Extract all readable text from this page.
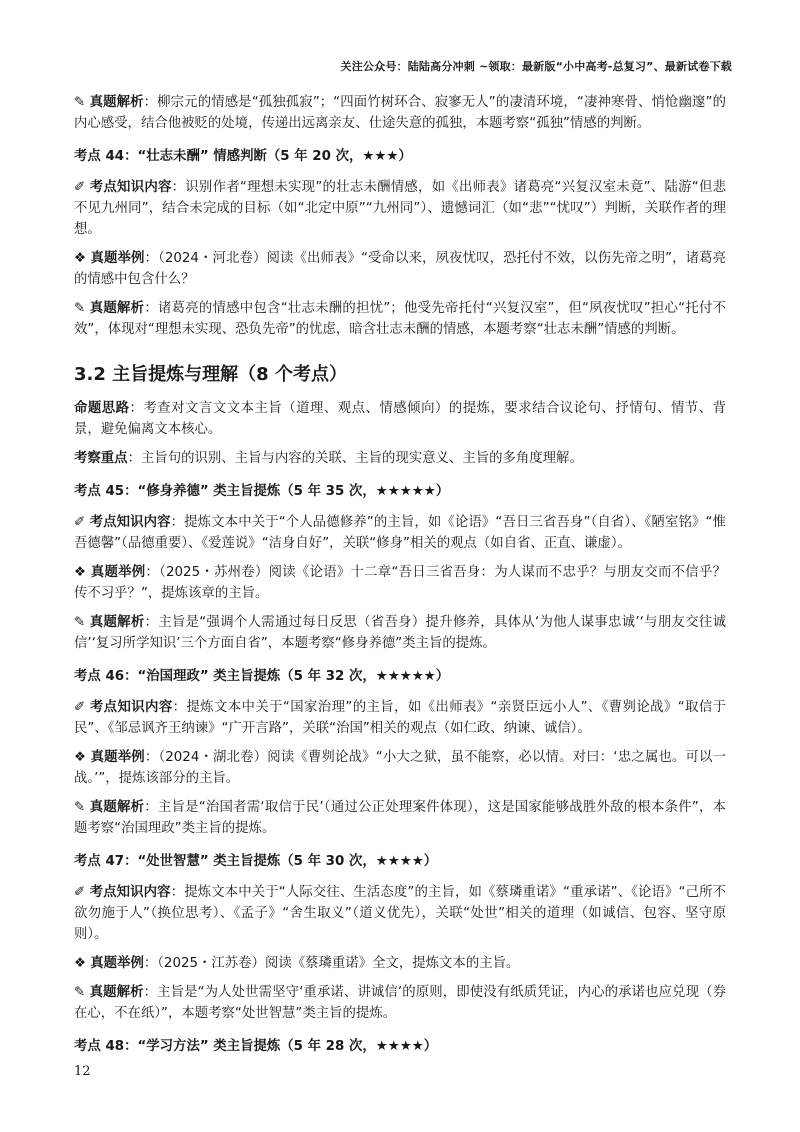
关注公众号：陆陆高分冲刺 ~领取：最新版“小中高考-总复习”、最新试卷下载
✎ 真题解析：柳宗元的情感是“孤独孤寂”；“四面竹树环合、寂寥无人”的凄清环境，“凄神寒骨、悄怆幽邃”的内心感受，结合他被贬的处境，传递出远离亲友、仕途失意的孤独，本题考察“孤独”情感的判断。
考点 44：“壮志未酬” 情感判断（5 年 20 次，★★★）
✐ 考点知识内容：识别作者“理想未实现”的壮志未酬情感，如《出师表》诸葛亮“兴复汉室未竟”、陆游“但悲不见九州同”，结合未完成的目标（如“北定中原”“九州同”）、遗憾词汇（如“悲”“忧叹”）判断，关联作者的理想。
❖ 真题举例：（2024・河北卷）阅读《出师表》“受命以来，夙夜忧叹，恐托付不效，以伤先帝之明”，诸葛亮的情感中包含什么？
✎ 真题解析：诸葛亮的情感中包含“壮志未酬的担忧”；他受先帝托付“兴复汉室”，但“夙夜忧叹”担心“托付不效”，体现对“理想未实现、恐负先帝”的忧虑，暗含壮志未酬的情感，本题考察“壮志未酬”情感的判断。
3.2 主旨提炼与理解（8 个考点）
命题思路：考查对文言文文本主旨（道理、观点、情感倾向）的提炼，要求结合议论句、抒情句、情节、背景，避免偏离文本核心。
考察重点：主旨句的识别、主旨与内容的关联、主旨的现实意义、主旨的多角度理解。
考点 45：“修身养德” 类主旨提炼（5 年 35 次，★★★★★）
✐ 考点知识内容：提炼文本中关于“个人品德修养”的主旨，如《论语》“吾日三省吾身”（自省）、《陋室铭》“惟吾德馨”（品德重要）、《爱莲说》“洁身自好”，关联“修身”相关的观点（如自省、正直、谦虚）。
❖ 真题举例：（2025・苏州卷）阅读《论语》十二章“吾日三省吾身：为人谋而不忠乎？与朋友交而不信乎？传不习乎？”，提炼该章的主旨。
✎ 真题解析：主旨是“强调个人需通过每日反思（省吾身）提升修养，具体从‘为他人谋事忠诚’‘与朋友交往诚信’‘复习所学知识’三个方面自省”，本题考察“修身养德”类主旨的提炼。
考点 46：“治国理政” 类主旨提炼（5 年 32 次，★★★★★）
✐ 考点知识内容：提炼文本中关于“国家治理”的主旨，如《出师表》“亲贤臣远小人”、《曹刿论战》“取信于民”、《邹忌讽齐王纳谏》“广开言路”，关联“治国”相关的观点（如仁政、纳谏、诚信）。
❖ 真题举例：（2024・湖北卷）阅读《曹刿论战》“小大之狱，虽不能察，必以情。对曰：‘忠之属也。可以一战。’”，提炼该部分的主旨。
✎ 真题解析：主旨是“治国者需‘取信于民’（通过公正处理案件体现），这是国家能够战胜外敌的根本条件”，本题考察“治国理政”类主旨的提炼。
考点 47：“处世智慧” 类主旨提炼（5 年 30 次，★★★★）
✐ 考点知识内容：提炼文本中关于“人际交往、生活态度”的主旨，如《蔡璘重诺》“重承诺”、《论语》“己所不欲勿施于人”（换位思考）、《孟子》“舍生取义”（道义优先），关联“处世”相关的道理（如诚信、包容、坚守原则）。
❖ 真题举例：（2025・江苏卷）阅读《蔡璘重诺》全文，提炼文本的主旨。
✎ 真题解析：主旨是“为人处世需坚守‘重承诺、讲诚信’的原则，即使没有纸质凭证，内心的承诺也应兑现（券在心，不在纸）”，本题考察“处世智慧”类主旨的提炼。
考点 48：“学习方法” 类主旨提炼（5 年 28 次，★★★★）
12
